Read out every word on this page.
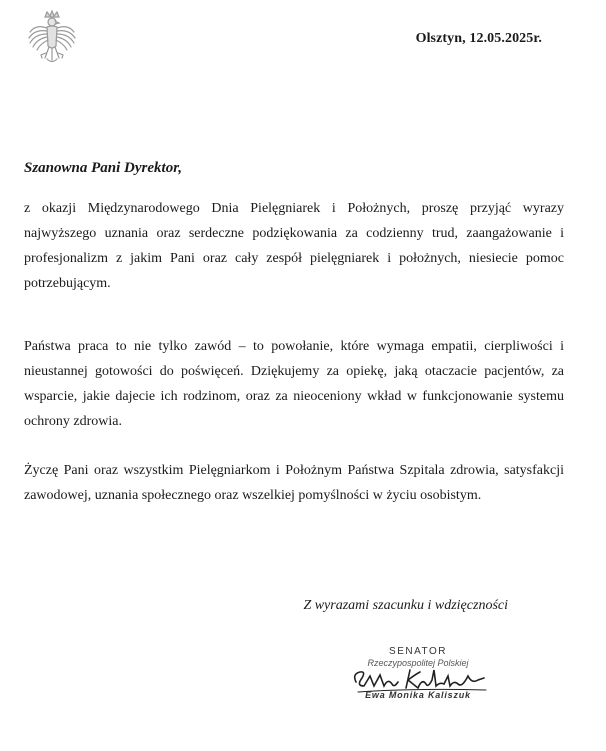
Olsztyn, 12.05.2025r.
Szanowna Pani Dyrektor,

z okazji Międzynarodowego Dnia Pielęgniarek i Położnych, proszę przyjąć wyrazy najwyższego uznania oraz serdeczne podziękowania za codzienny trud, zaangażowanie i profesjonalizm z jakim Pani oraz cały zespół pielęgniarek i położnych, niesiecie pomoc potrzebującym.

Państwa praca to nie tylko zawód – to powołanie, które wymaga empatii, cierpliwości i nieustannej gotowości do poświęceń. Dziękujemy za opiekę, jaką otaczacie pacjentów, za wsparcie, jakie dajecie ich rodzinom, oraz za nieoceniony wkład w funkcjonowanie systemu ochrony zdrowia.

Życzę Pani oraz wszystkim Pielęgniarkom i Położnym Państwa Szpitala zdrowia, satysfakcji zawodowej, uznania społecznego oraz wszelkiej pomyślności w życiu osobistym.

Z wyrazami szacunku i wdzięczności
SENATOR
Rzeczypospolitej Polskiej
Ewa Monika Kaliszuk
